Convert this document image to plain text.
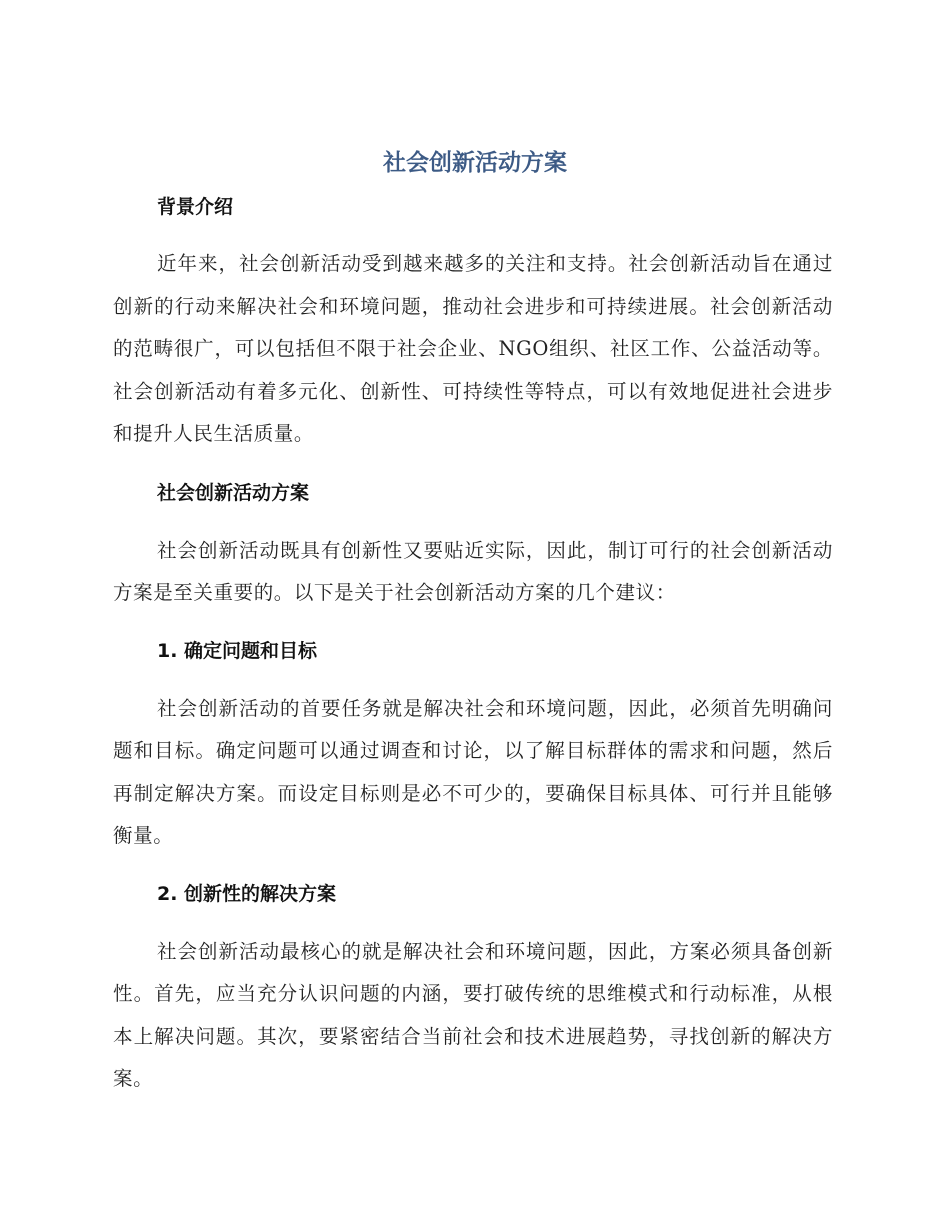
社会创新活动方案
背景介绍

近年来，社会创新活动受到越来越多的关注和支持。社会创新活动旨在通过创新的行动来解决社会和环境问题，推动社会进步和可持续进展。社会创新活动的范畴很广，可以包括但不限于社会企业、NGO组织、社区工作、公益活动等。社会创新活动有着多元化、创新性、可持续性等特点，可以有效地促进社会进步和提升人民生活质量。

社会创新活动方案

社会创新活动既具有创新性又要贴近实际，因此，制订可行的社会创新活动方案是至关重要的。以下是关于社会创新活动方案的几个建议：

1. 确定问题和目标

社会创新活动的首要任务就是解决社会和环境问题，因此，必须首先明确问题和目标。确定问题可以通过调查和讨论，以了解目标群体的需求和问题，然后再制定解决方案。而设定目标则是必不可少的，要确保目标具体、可行并且能够衡量。

2. 创新性的解决方案

社会创新活动最核心的就是解决社会和环境问题，因此，方案必须具备创新性。首先，应当充分认识问题的内涵，要打破传统的思维模式和行动标准，从根本上解决问题。其次，要紧密结合当前社会和技术进展趋势，寻找创新的解决方案。
